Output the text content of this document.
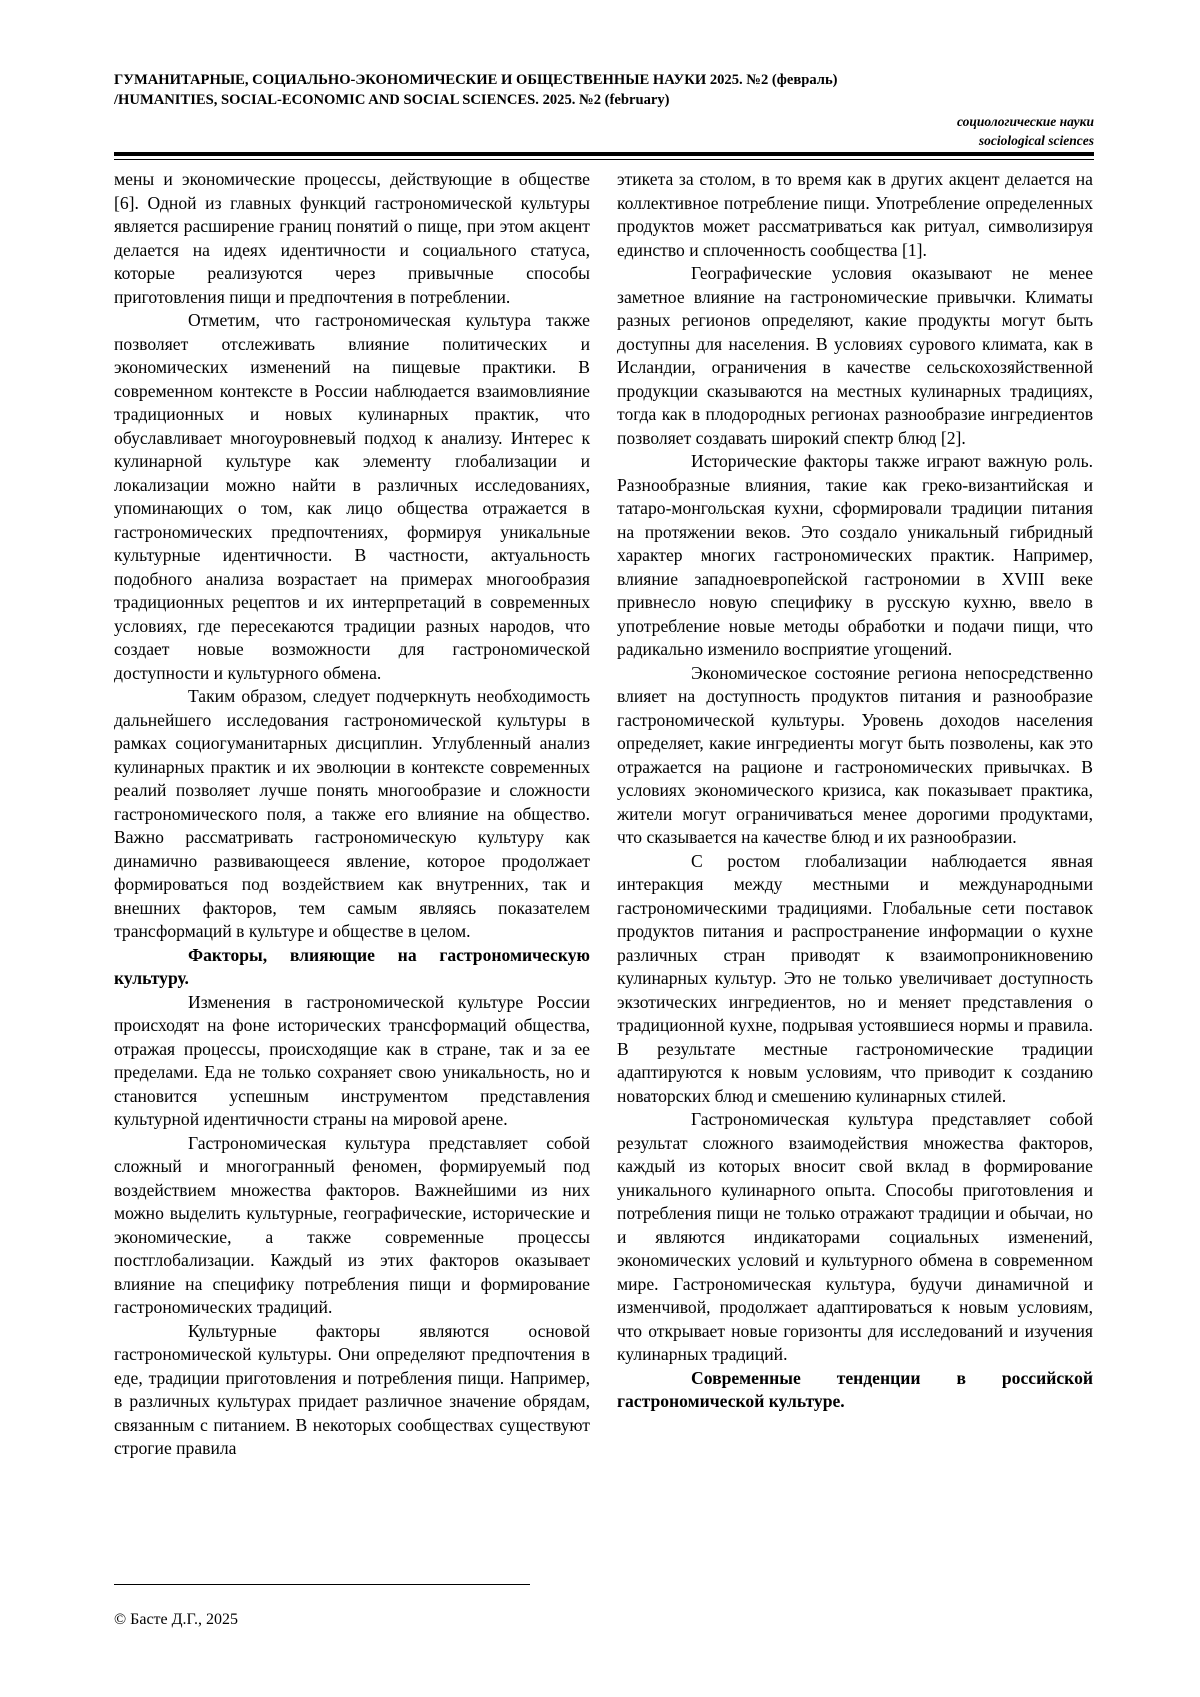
ГУМАНИТАРНЫЕ, СОЦИАЛЬНО-ЭКОНОМИЧЕСКИЕ И ОБЩЕСТВЕННЫЕ НАУКИ 2025. №2 (февраль)

/HUMANITIES, SOCIAL-ECONOMIC AND SOCIAL SCIENCES. 2025. №2 (february)

социологические науки
sociological sciences

мены и экономические процессы, действующие в обществе [6]. Одной из главных функций гастрономической культуры является расширение границ понятий о пище, при этом акцент делается на идеях идентичности и социального статуса, которые реализуются через привычные способы приготовления пищи и предпочтения в потреблении.

Отметим, что гастрономическая культура также позволяет отслеживать влияние политических и экономических изменений на пищевые практики. В современном контексте в России наблюдается взаимовлияние традиционных и новых кулинарных практик, что обуславливает многоуровневый подход к анализу. Интерес к кулинарной культуре как элементу глобализации и локализации можно найти в различных исследованиях, упоминающих о том, как лицо общества отражается в гастрономических предпочтениях, формируя уникальные культурные идентичности. В частности, актуальность подобного анализа возрастает на примерах многообразия традиционных рецептов и их интерпретаций в современных условиях, где пересекаются традиции разных народов, что создает новые возможности для гастрономической доступности и культурного обмена.

Таким образом, следует подчеркнуть необходимость дальнейшего исследования гастрономической культуры в рамках социогуманитарных дисциплин. Углубленный анализ кулинарных практик и их эволюции в контексте современных реалий позволяет лучше понять многообразие и сложности гастрономического поля, а также его влияние на общество. Важно рассматривать гастрономическую культуру как динамично развивающееся явление, которое продолжает формироваться под воздействием как внутренних, так и внешних факторов, тем самым являясь показателем трансформаций в культуре и обществе в целом.

Факторы, влияющие на гастрономическую культуру.

Изменения в гастрономической культуре России происходят на фоне исторических трансформаций общества, отражая процессы, происходящие как в стране, так и за ее пределами. Еда не только сохраняет свою уникальность, но и становится успешным инструментом представления культурной идентичности страны на мировой арене.

Гастрономическая культура представляет собой сложный и многогранный феномен, формируемый под воздействием множества факторов. Важнейшими из них можно выделить культурные, географические, исторические и экономические, а также современные процессы постглобализации. Каждый из этих факторов оказывает влияние на специфику потребления пищи и формирование гастрономических традиций.

Культурные факторы являются основой гастрономической культуры. Они определяют предпочтения в еде, традиции приготовления и потребления пищи. Например, в различных культурах придает различное значение обрядам, связанным с питанием. В некоторых сообществах существуют строгие правила

этикета за столом, в то время как в других акцент делается на коллективное потребление пищи. Употребление определенных продуктов может рассматриваться как ритуал, символизируя единство и сплоченность сообщества [1].

Географические условия оказывают не менее заметное влияние на гастрономические привычки. Климаты разных регионов определяют, какие продукты могут быть доступны для населения. В условиях сурового климата, как в Исландии, ограничения в качестве сельскохозяйственной продукции сказываются на местных кулинарных традициях, тогда как в плодородных регионах разнообразие ингредиентов позволяет создавать широкий спектр блюд [2].

Исторические факторы также играют важную роль. Разнообразные влияния, такие как греко-византийская и татаро-монгольская кухни, сформировали традиции питания на протяжении веков. Это создало уникальный гибридный характер многих гастрономических практик. Например, влияние западноевропейской гастрономии в XVIII веке привнесло новую специфику в русскую кухню, ввело в употребление новые методы обработки и подачи пищи, что радикально изменило восприятие угощений.

Экономическое состояние региона непосредственно влияет на доступность продуктов питания и разнообразие гастрономической культуры. Уровень доходов населения определяет, какие ингредиенты могут быть позволены, как это отражается на рационе и гастрономических привычках. В условиях экономического кризиса, как показывает практика, жители могут ограничиваться менее дорогими продуктами, что сказывается на качестве блюд и их разнообразии.

С ростом глобализации наблюдается явная интеракция между местными и международными гастрономическими традициями. Глобальные сети поставок продуктов питания и распространение информации о кухне различных стран приводят к взаимопроникновению кулинарных культур. Это не только увеличивает доступность экзотических ингредиентов, но и меняет представления о традиционной кухне, подрывая устоявшиеся нормы и правила. В результате местные гастрономические традиции адаптируются к новым условиям, что приводит к созданию новаторских блюд и смешению кулинарных стилей.

Гастрономическая культура представляет собой результат сложного взаимодействия множества факторов, каждый из которых вносит свой вклад в формирование уникального кулинарного опыта. Способы приготовления и потребления пищи не только отражают традиции и обычаи, но и являются индикаторами социальных изменений, экономических условий и культурного обмена в современном мире. Гастрономическая культура, будучи динамичной и изменчивой, продолжает адаптироваться к новым условиям, что открывает новые горизонты для исследований и изучения кулинарных традиций.

Современные тенденции в российской гастрономической культуре.

© Басте Д.Г., 2025
